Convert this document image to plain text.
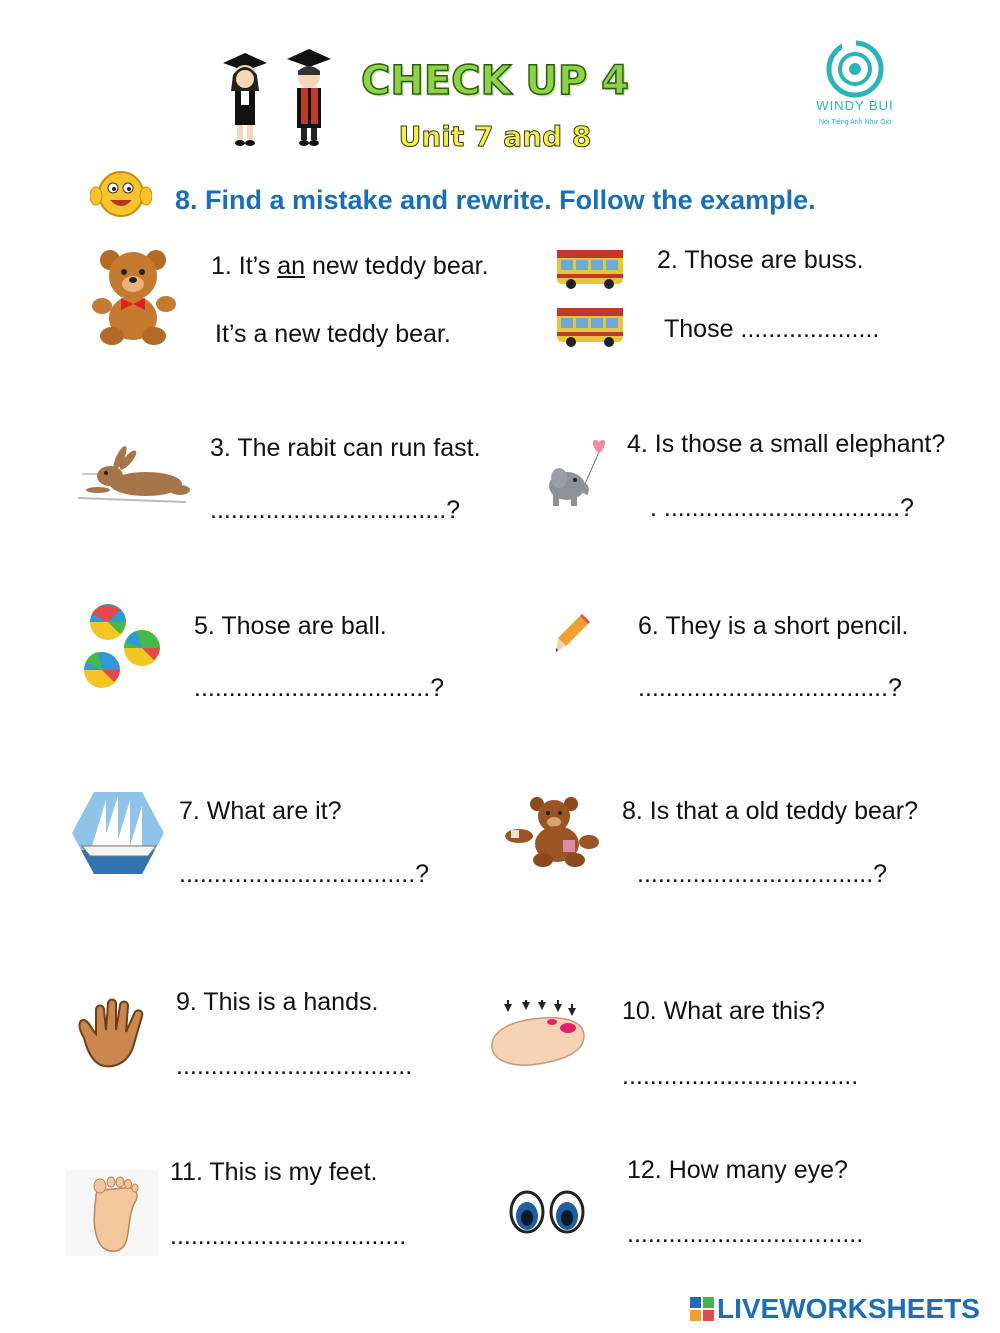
CHECK UP 4
Unit 7 and 8
WINDY BUI
Nói Tiếng Anh Như Gió
8. Find a mistake and rewrite. Follow the example.
1. It’s an new teddy bear.
It’s a new teddy bear.
2. Those are buss.
Those ....................
3. The rabit can run fast.
..................................?
4. Is those a small elephant?
. ..................................?
5. Those are ball.
..................................?
6. They is a short pencil.
....................................?
7. What are it?
..................................?
8. Is that a old teddy bear?
..................................?
9. This is a hands.
..................................
10. What are this?
..................................
11. This is my feet.
..................................
12. How many eye?
..................................
LIVEWORKSHEETS
